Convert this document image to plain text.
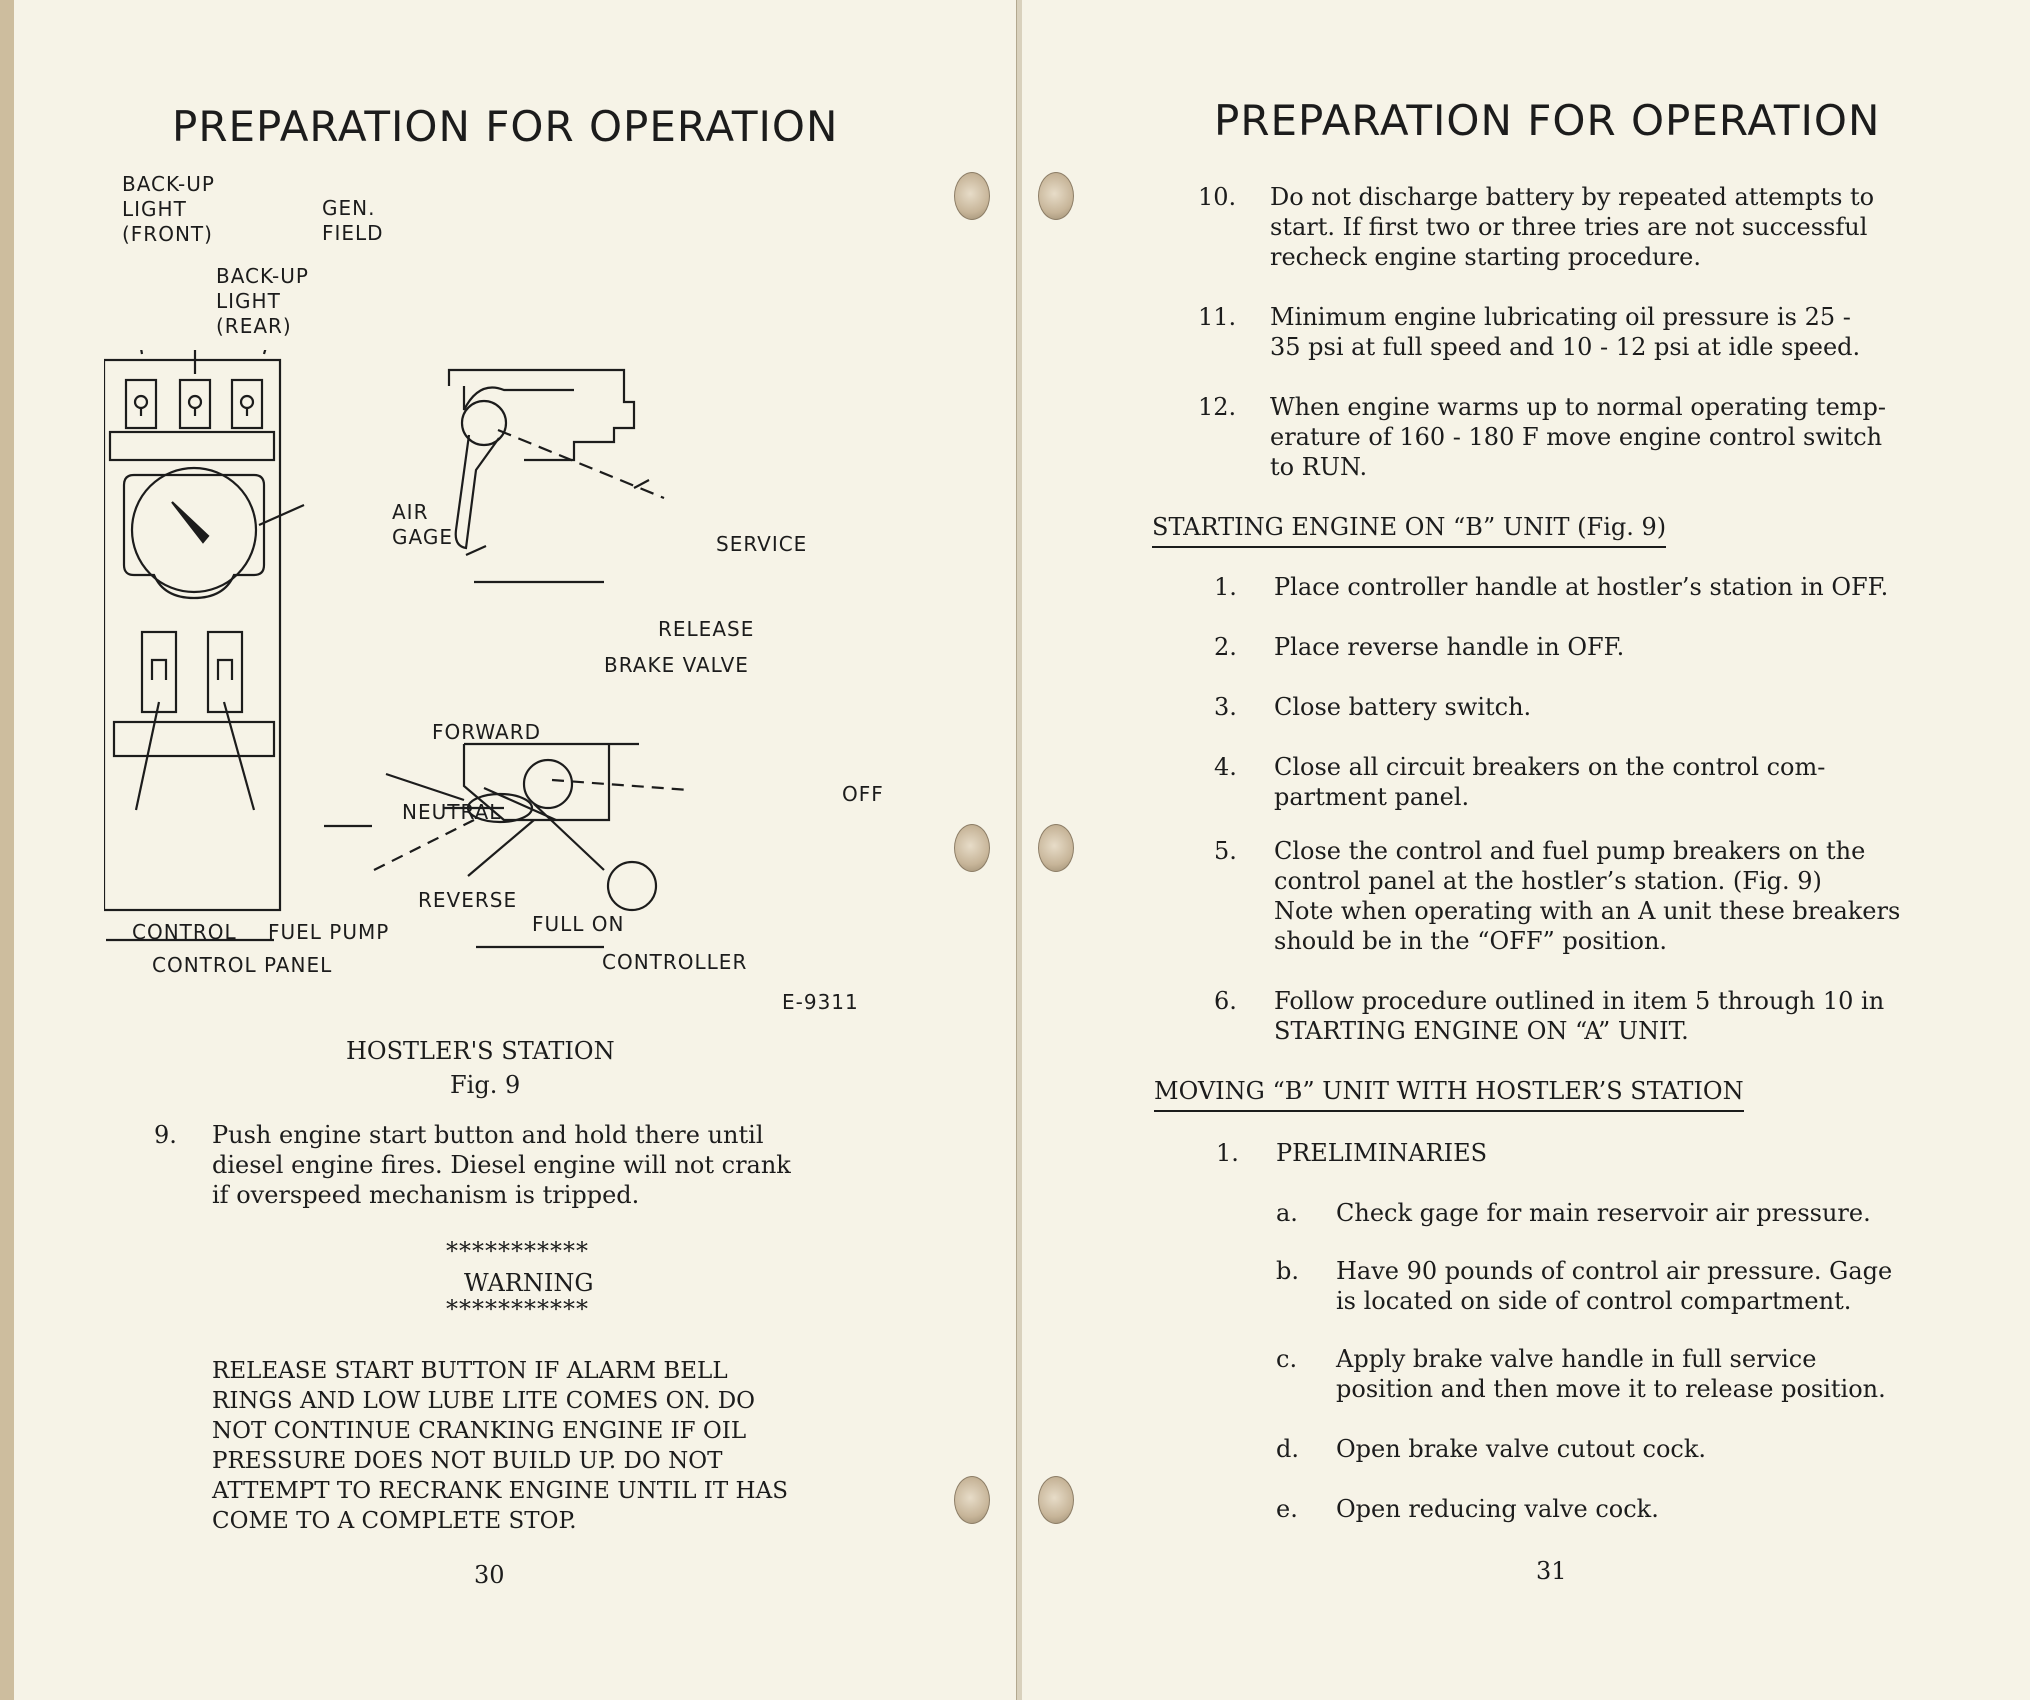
PREPARATION FOR OPERATION
BACK-UP
LIGHT
(FRONT)
GEN.
FIELD
BACK-UP
LIGHT
(REAR)
AIR
GAGE
CONTROL FUEL PUMP
CONTROL PANEL
SERVICE
RELEASE
BRAKE VALVE
FORWARD
NEUTRAL
OFF
REVERSE
FULL ON
CONTROLLER
E-9311
HOSTLER'S STATION
Fig. 9
9. Push engine start button and hold there until
diesel engine fires. Diesel engine will not crank
if overspeed mechanism is tripped.
***********
WARNING
***********
RELEASE START BUTTON IF ALARM BELL
RINGS AND LOW LUBE LITE COMES ON. DO
NOT CONTINUE CRANKING ENGINE IF OIL
PRESSURE DOES NOT BUILD UP. DO NOT
ATTEMPT TO RECRANK ENGINE UNTIL IT HAS
COME TO A COMPLETE STOP.
30
PREPARATION FOR OPERATION
10. Do not discharge battery by repeated attempts to
start. If first two or three tries are not successful
recheck engine starting procedure.
11. Minimum engine lubricating oil pressure is 25 -
35 psi at full speed and 10 - 12 psi at idle speed.
12. When engine warms up to normal operating temp-
erature of 160 - 180 F move engine control switch
to RUN.
STARTING ENGINE ON “B” UNIT (Fig. 9)
1. Place controller handle at hostler’s station in OFF.
2. Place reverse handle in OFF.
3. Close battery switch.
4. Close all circuit breakers on the control com-
partment panel.
5. Close the control and fuel pump breakers on the
control panel at the hostler’s station. (Fig. 9)
Note when operating with an A unit these breakers
should be in the “OFF” position.
6. Follow procedure outlined in item 5 through 10 in
STARTING ENGINE ON “A” UNIT.
MOVING “B” UNIT WITH HOSTLER’S STATION
1. PRELIMINARIES
a. Check gage for main reservoir air pressure.
b. Have 90 pounds of control air pressure. Gage
is located on side of control compartment.
c. Apply brake valve handle in full service
position and then move it to release position.
d. Open brake valve cutout cock.
e. Open reducing valve cock.
31
